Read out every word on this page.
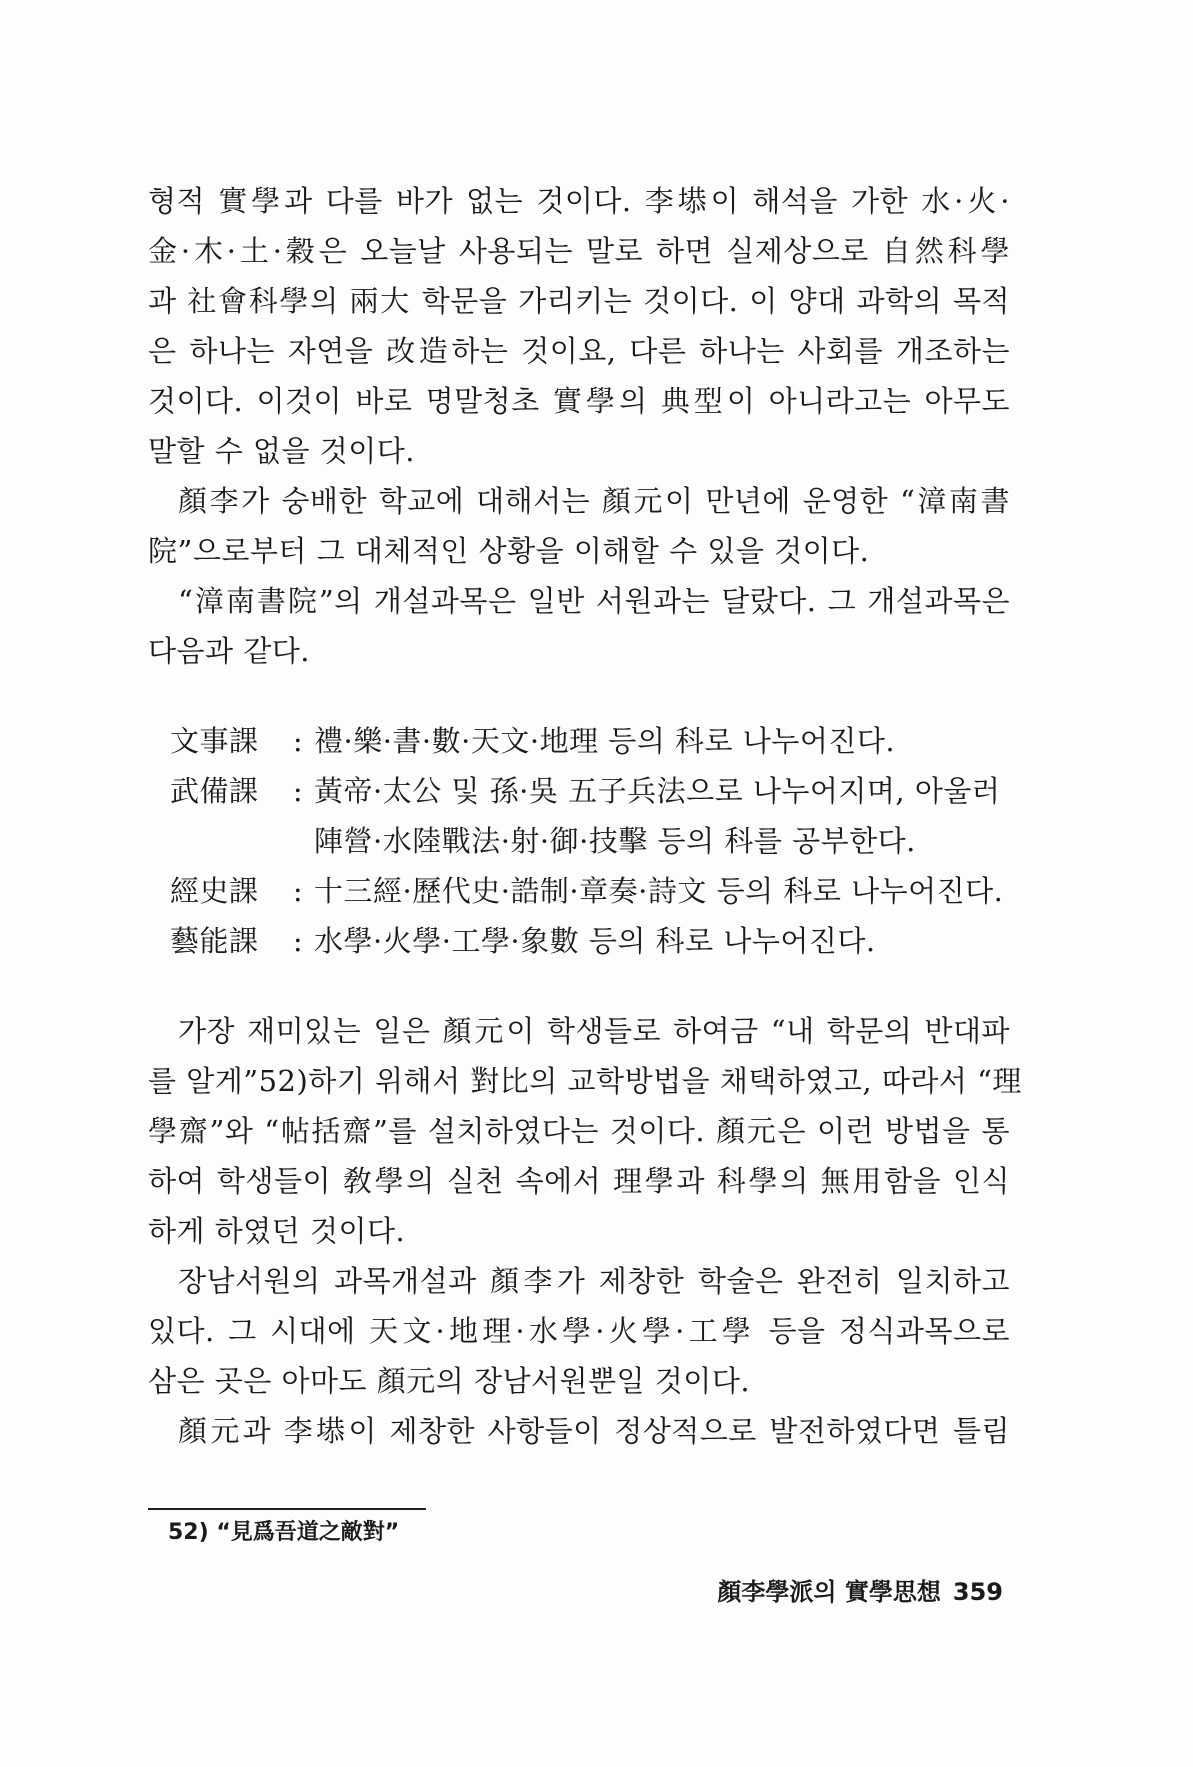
형적 實學과 다를 바가 없는 것이다. 李塨이 해석을 가한 水·火·
金·木·土·穀은 오늘날 사용되는 말로 하면 실제상으로 自然科學
과 社會科學의 兩大 학문을 가리키는 것이다. 이 양대 과학의 목적
은 하나는 자연을 改造하는 것이요, 다른 하나는 사회를 개조하는
것이다. 이것이 바로 명말청초 實學의 典型이 아니라고는 아무도
말할 수 없을 것이다.
顏李가 숭배한 학교에 대해서는 顏元이 만년에 운영한 “漳南書
院”으로부터 그 대체적인 상황을 이해할 수 있을 것이다.
“漳南書院”의 개설과목은 일반 서원과는 달랐다. 그 개설과목은
다음과 같다.
文事課	: 禮·樂·書·數·天文·地理 등의 科로 나누어진다.
武備課	: 黃帝·太公 및 孫·吳 五子兵法으로 나누어지며, 아울러
陣營·水陸戰法·射·御·技擊 등의 科를 공부한다.
經史課	: 十三經·歷代史·誥制·章奏·詩文 등의 科로 나누어진다.
藝能課	: 水學·火學·工學·象數 등의 科로 나누어진다.
가장 재미있는 일은 顏元이 학생들로 하여금 “내 학문의 반대파
를 알게”52)하기 위해서 對比의 교학방법을 채택하였고, 따라서 “理
學齋”와 “帖括齋”를 설치하였다는 것이다. 顏元은 이런 방법을 통
하여 학생들이 敎學의 실천 속에서 理學과 科學의 無用함을 인식
하게 하였던 것이다.
장남서원의 과목개설과 顏李가 제창한 학술은 완전히 일치하고
있다. 그 시대에 天文·地理·水學·火學·工學 등을 정식과목으로
삼은 곳은 아마도 顏元의 장남서원뿐일 것이다.
顏元과 李塨이 제창한 사항들이 정상적으로 발전하였다면 틀림
52) “見爲吾道之敵對”
顏李學派의 實學思想 359
